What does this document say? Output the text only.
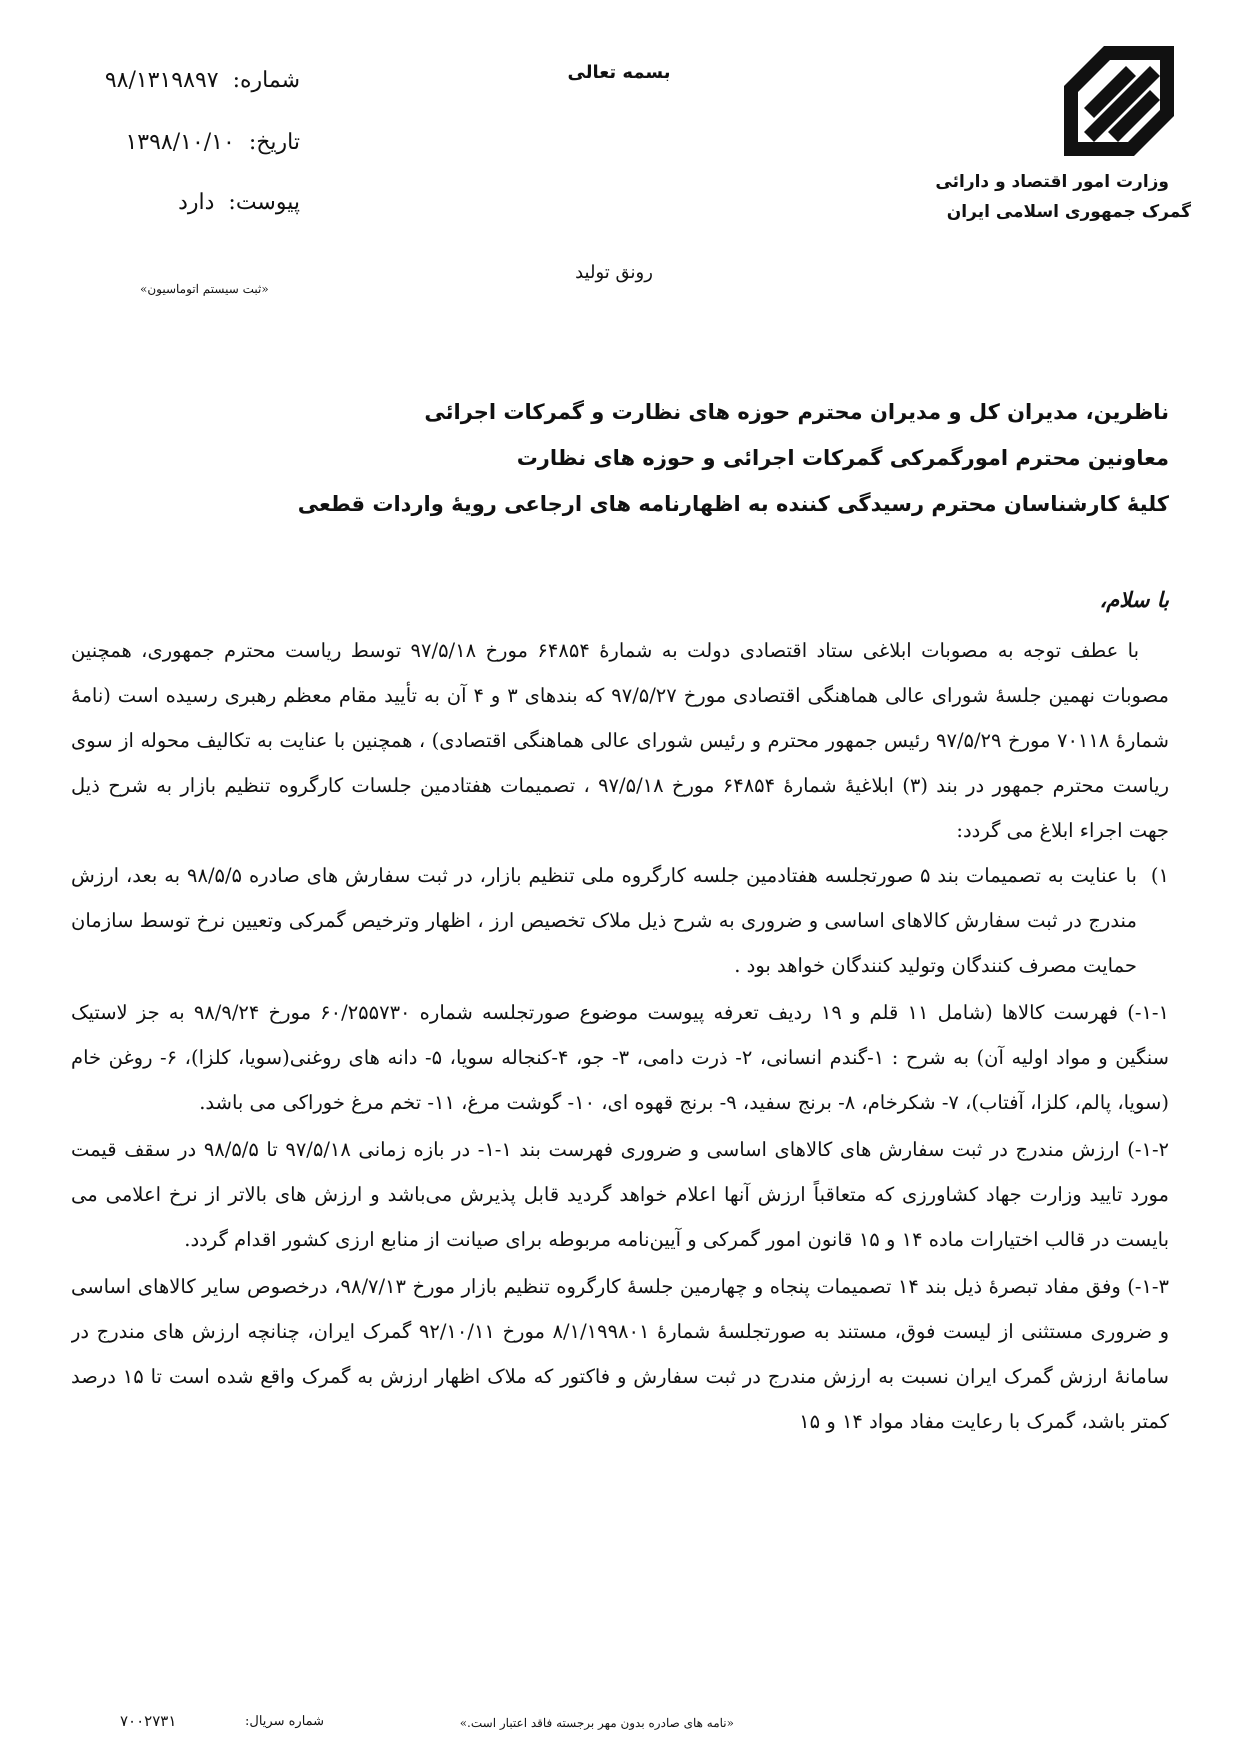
وزارت امور اقتصاد و دارائی
گمرک جمهوری اسلامی ایران
بسمه تعالی
رونق تولید
شماره:
۹۸/۱۳۱۹۸۹۷
تاریخ:
۱۳۹۸/۱۰/۱۰
پیوست:
دارد
«ثبت سیستم اتوماسیون»
ناظرین، مدیران کل و مدیران محترم حوزه های نظارت و گمرکات اجرائی
معاونین محترم امورگمرکی گمرکات اجرائی و حوزه های نظارت
کلیهٔ کارشناسان محترم رسیدگی کننده به اظهارنامه های ارجاعی رویهٔ واردات قطعی
با سلام،

با عطف توجه به مصوبات ابلاغی ستاد اقتصادی دولت به شمارهٔ ۶۴۸۵۴ مورخ ۹۷/۵/۱۸ توسط ریاست محترم جمهوری، همچنین مصوبات نهمین جلسهٔ شورای عالی هماهنگی اقتصادی مورخ ۹۷/۵/۲۷ که بندهای ۳ و ۴ آن به تأیید مقام معظم رهبری رسیده است (نامهٔ شمارهٔ ۷۰۱۱۸ مورخ ۹۷/۵/۲۹ رئیس جمهور محترم و رئیس شورای عالی هماهنگی اقتصادی) ، همچنین با عنایت به تکالیف محوله از سوی ریاست محترم جمهور در بند (۳) ابلاغیهٔ شمارهٔ ۶۴۸۵۴ مورخ ۹۷/۵/۱۸ ، تصمیمات هفتادمین جلسات کارگروه تنظیم بازار به شرح ذیل جهت اجراء ابلاغ می گردد:

۱)
با عنایت به تصمیمات بند ۵ صورتجلسه هفتادمین جلسه کارگروه ملی تنظیم بازار، در ثبت سفارش های صادره ۹۸/۵/۵ به بعد، ارزش مندرج در ثبت سفارش کالاهای اساسی و ضروری به شرح ذیل ملاک تخصیص ارز ، اظهار وترخیص گمرکی وتعیین نرخ توسط سازمان حمایت مصرف کنندگان وتولید کنندگان خواهد بود .

۱-۱-) فهرست کالاها (شامل ۱۱ قلم و ۱۹ ردیف تعرفه پیوست موضوع صورتجلسه شماره ۶۰/۲۵۵۷۳۰ مورخ ۹۸/۹/۲۴ به جز لاستیک سنگین و مواد اولیه آن) به شرح : ۱-گندم انسانی، ۲- ذرت دامی، ۳- جو، ۴-کنجاله سویا، ۵- دانه های روغنی(سویا، کلزا)، ۶- روغن خام (سویا، پالم، کلزا، آفتاب)، ۷- شکرخام، ۸- برنج سفید، ۹- برنج قهوه ای، ۱۰- گوشت مرغ، ۱۱- تخم مرغ خوراکی می باشد.

۱-۲-) ارزش مندرج در ثبت سفارش های کالاهای اساسی و ضروری فهرست بند ۱-۱- در بازه زمانی ۹۷/۵/۱۸ تا ۹۸/۵/۵ در سقف قیمت مورد تایید وزارت جهاد کشاورزی که متعاقباً ارزش آنها اعلام خواهد گردید قابل پذیرش می‌باشد و ارزش های بالاتر از نرخ اعلامی می بایست در قالب اختیارات ماده ۱۴ و ۱۵ قانون امور گمرکی و آیین‌نامه مربوطه برای صیانت از منابع ارزی کشور اقدام گردد.

۱-۳-) وفق مفاد تبصرهٔ ذیل بند ۱۴ تصمیمات پنجاه و چهارمین جلسهٔ کارگروه تنظیم بازار مورخ ۹۸/۷/۱۳، درخصوص سایر کالاهای اساسی و ضروری مستثنی از لیست فوق، مستند به صورتجلسهٔ شمارهٔ ۸/۱/۱۹۹۸۰۱ مورخ ۹۲/۱۰/۱۱ گمرک ایران، چنانچه ارزش های مندرج در سامانهٔ ارزش گمرک ایران نسبت به ارزش مندرج در ثبت سفارش و فاکتور که ملاک اظهار ارزش به گمرک واقع شده است تا ۱۵ درصد کمتر باشد، گمرک با رعایت مفاد مواد ۱۴ و ۱۵

«نامه های صادره بدون مهر برجسته فاقد اعتبار است.»
شماره سریال:
۷۰۰۲۷۳۱
